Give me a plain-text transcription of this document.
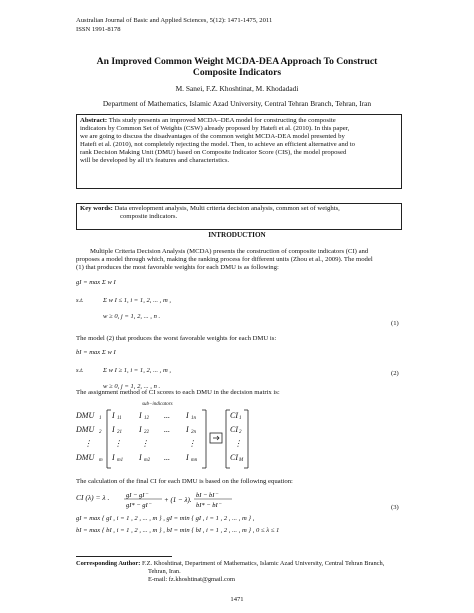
Australian Journal of Basic and Applied Sciences, 5(12): 1471-1475, 2011
ISSN 1991-8178
An Improved Common Weight MCDA-DEA Approach To Construct
Composite Indicators
M. Sanei, F.Z. Khoshtinat, M. Khodadadi
Department of Mathematics, Islamic Azad University, Central Tehran Branch, Tehran, Iran
Abstract: This study presents an improved MCDA–DEA model for constructing the composite
indicators by Common Set of Weights (CSW) already proposed by Hatefi et al. (2010). In this paper,
we are going to discuss the disadvantages of the common weight MCDA-DEA model presented by
Hatefi et al. (2010), not completely rejecting the model. Then, to achieve an efficient alternative and to
rank Decision Making Unit (DMU) based on Composite Indicator Score (CIS), the model proposed
will be developed by all it's features and characteristics.
Key words: Data envelopment analysis, Multi criteria decision analysis, common set of weights,
composite indicators.
INTRODUCTION
Multiple Criteria Decision Analysis (MCDA) presents the construction of composite indicators (CI) and
proposes a model through which, making the ranking process for different units (Zhou et al., 2009). The model
(1) that produces the most favorable weights for each DMU is as following:
gI = max Σ w I
s.t.	Σ w I ≤ 1, i = 1, 2, ... , m ,
w ≥ 0, j = 1, 2, ... , n .
(1)
The model (2) that produces the worst favorable weights for each DMU is:
bI = max Σ w I
s.t.	Σ w I ≥ 1, i = 1, 2, ... , m ,
w ≥ 0, j = 1, 2, ... , n .
(2)
The assignment method of CI scores to each DMU in the decision matrix is:
sub−indicators
DMU 1 I 11 I 12 ... I 1n	CI 1
DMU 2 I 21 I 22 ... I 2n	CI 2
⋮	⋮ ⋮	⋮	⋮
DMU m I m1 I m2 ... I mn	CI M
The calculation of the final CI for each DMU is based on the following equation:
CI (λ) = λ .	gI − gI⁻
gI* − gI⁻
+ (1 − λ).
bI − bI⁻
bI* − bI⁻
gI = max { gI , i = 1 , 2 , ... , m } , gI = min { gI , i = 1 , 2 , ... , m } ,
bI = max { bI , i = 1 , 2 , ... , m } , bI = min { bI , i = 1 , 2 , ... , m } , 0 ≤ λ ≤ 1
(3)
Corresponding Author: F.Z. Khoshtinat, Department of Mathematics, Islamic Azad University, Central Tehran Branch,
Tehran, Iran.
E-mail: fz.khoshtinat@gmail.com
1471
